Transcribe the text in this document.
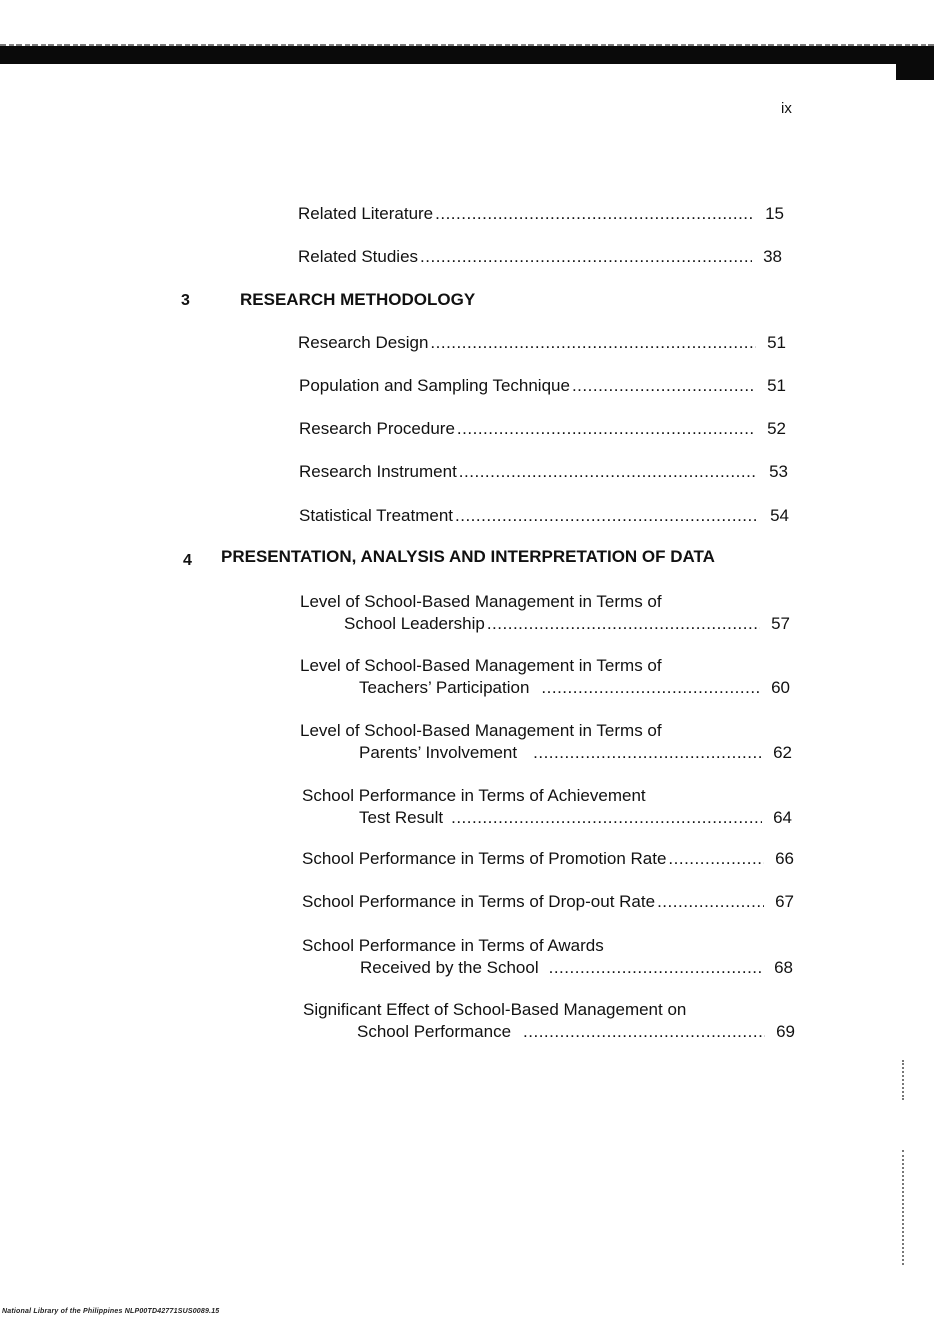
ix
Related Literature .....	15
Related Studies .....	38
3	RESEARCH METHODOLOGY
Research Design .....	51
Population and Sampling Technique .....	51
Research Procedure .....	52
Research Instrument .....	53
Statistical Treatment .....	54
4 PRESENTATION, ANALYSIS AND INTERPRETATION OF DATA
Level of School-Based Management in Terms of
School Leadership .....	57
Level of School-Based Management in Terms of
Teachers’ Participation .....	60
Level of School-Based Management in Terms of
Parents’ Involvement .....	62
School Performance in Terms of Achievement
Test Result .....	64
School Performance in Terms of Promotion Rate .....	66
School Performance in Terms of Drop-out Rate .....	67
School Performance in Terms of Awards
Received by the School .....	68
Significant Effect of School-Based Management on
School Performance .....	69
National Library of the Philippines NLP00TD42771SUS0089.15
